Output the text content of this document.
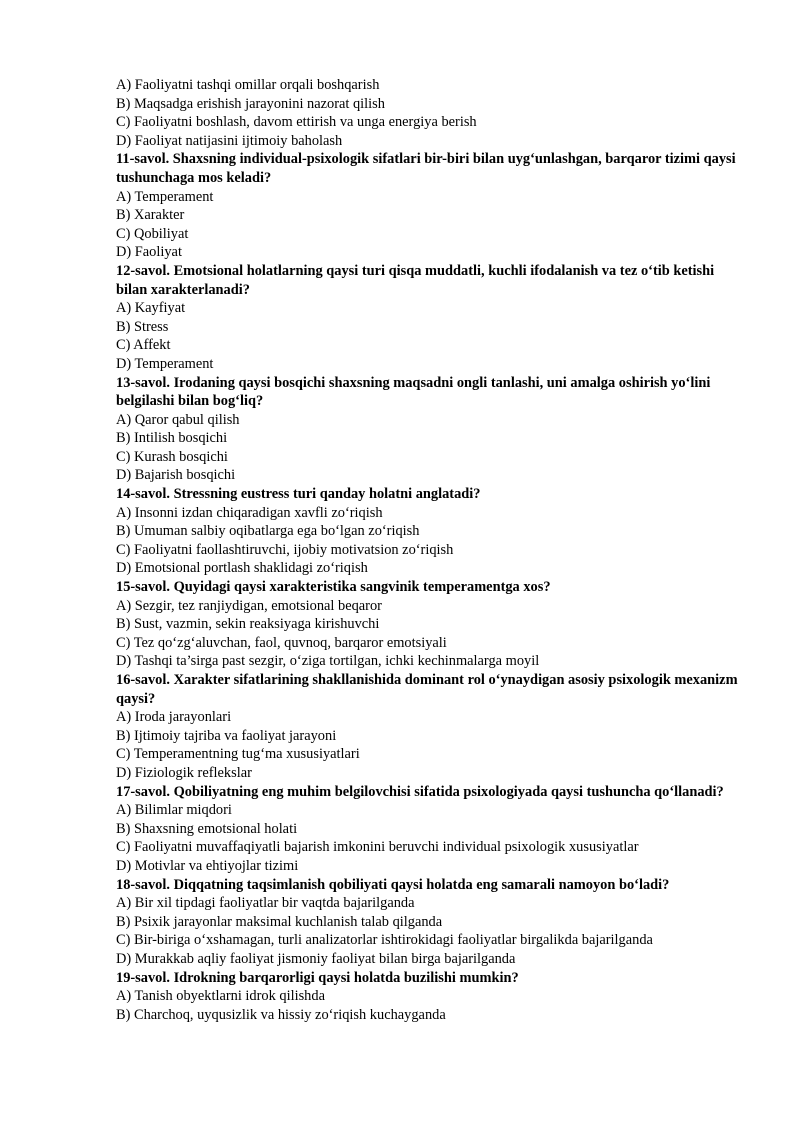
A) Faoliyatni tashqi omillar orqali boshqarish
B) Maqsadga erishish jarayonini nazorat qilish
C) Faoliyatni boshlash, davom ettirish va unga energiya berish
D) Faoliyat natijasini ijtimoiy baholash
11-savol. Shaxsning individual-psixologik sifatlari bir-biri bilan uyg‘unlashgan, barqaror tizimi qaysi tushunchaga mos keladi?
A) Temperament
B) Xarakter
C) Qobiliyat
D) Faoliyat
12-savol. Emotsional holatlarning qaysi turi qisqa muddatli, kuchli ifodalanish va tez o‘tib ketishi bilan xarakterlanadi?
A) Kayfiyat
B) Stress
C) Affekt
D) Temperament
13-savol. Irodaning qaysi bosqichi shaxsning maqsadni ongli tanlashi, uni amalga oshirish yo‘lini belgilashi bilan bog‘liq?
A) Qaror qabul qilish
B) Intilish bosqichi
C) Kurash bosqichi
D) Bajarish bosqichi
14-savol. Stressning eustress turi qanday holatni anglatadi?
A) Insonni izdan chiqaradigan xavfli zo‘riqish
B) Umuman salbiy oqibatlarga ega bo‘lgan zo‘riqish
C) Faoliyatni faollashtiruvchi, ijobiy motivatsion zo‘riqish
D) Emotsional portlash shaklidagi zo‘riqish
15-savol. Quyidagi qaysi xarakteristika sangvinik temperamentga xos?
A) Sezgir, tez ranjiydigan, emotsional beqaror
B) Sust, vazmin, sekin reaksiyaga kirishuvchi
C) Tez qo‘zg‘aluvchan, faol, quvnoq, barqaror emotsiyali
D) Tashqi ta’sirga past sezgir, o‘ziga tortilgan, ichki kechinmalarga moyil
16-savol. Xarakter sifatlarining shakllanishida dominant rol o‘ynaydigan asosiy psixologik mexanizm qaysi?
A) Iroda jarayonlari
B) Ijtimoiy tajriba va faoliyat jarayoni
C) Temperamentning tug‘ma xususiyatlari
D) Fiziologik reflekslar
17-savol. Qobiliyatning eng muhim belgilovchisi sifatida psixologiyada qaysi tushuncha qo‘llanadi?
A) Bilimlar miqdori
B) Shaxsning emotsional holati
C) Faoliyatni muvaffaqiyatli bajarish imkonini beruvchi individual psixologik xususiyatlar
D) Motivlar va ehtiyojlar tizimi
18-savol. Diqqatning taqsimlanish qobiliyati qaysi holatda eng samarali namoyon bo‘ladi?
A) Bir xil tipdagi faoliyatlar bir vaqtda bajarilganda
B) Psixik jarayonlar maksimal kuchlanish talab qilganda
C) Bir-biriga o‘xshamagan, turli analizatorlar ishtirokidagi faoliyatlar birgalikda bajarilganda
D) Murakkab aqliy faoliyat jismoniy faoliyat bilan birga bajarilganda
19-savol. Idrokning barqarorligi qaysi holatda buzilishi mumkin?
A) Tanish obyektlarni idrok qilishda
B) Charchoq, uyqusizlik va hissiy zo‘riqish kuchayganda
